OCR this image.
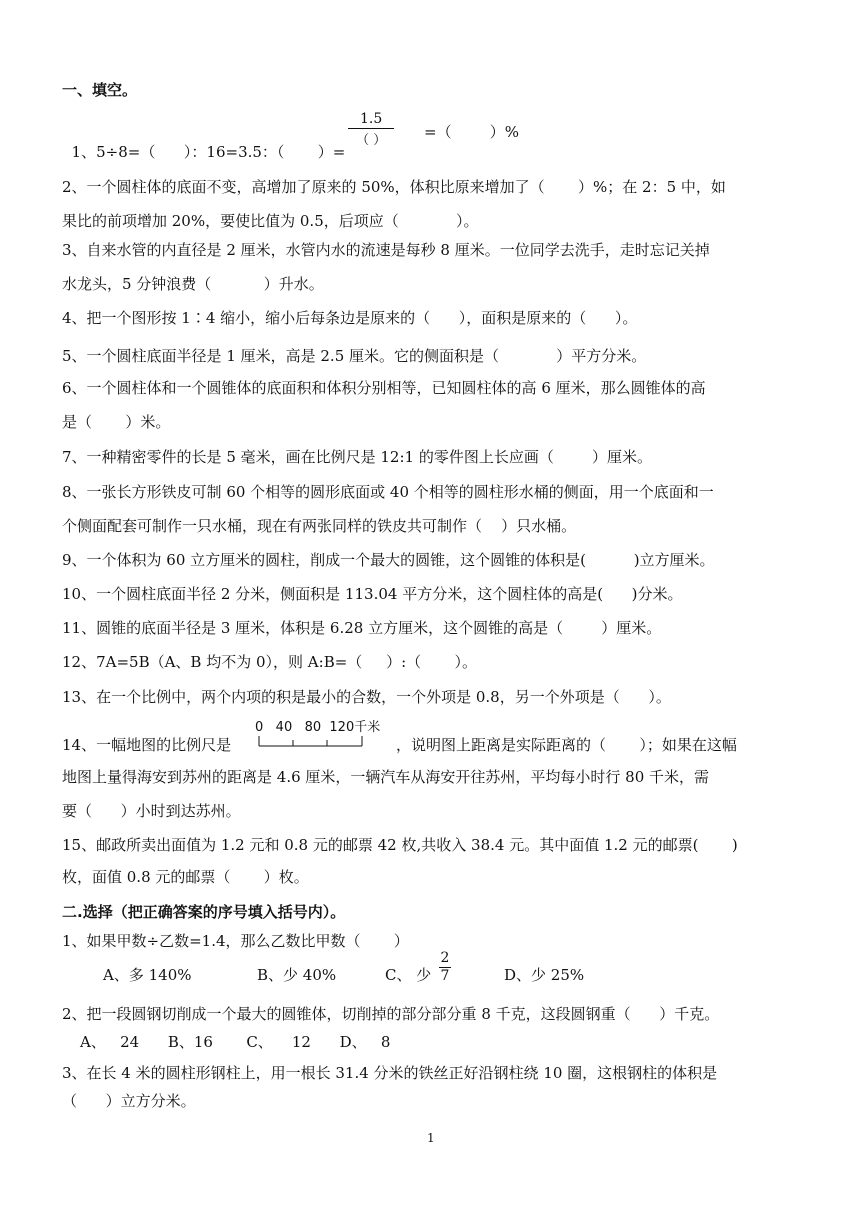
一、填空。

1、5÷8=（      ）：16=3.5：（       ）=

1.5
（ ）	=（        ）%
2、一个圆柱体的底面不变，高增加了原来的 50%，体积比原来增加了（       ）%；在 2：5 中，如
果比的前项增加 20%，要使比值为 0.5，后项应（            ）。
3、自来水管的内直径是 2 厘米，水管内水的流速是每秒 8 厘米。一位同学去洗手，走时忘记关掉
水龙头，5 分钟浪费（           ）升水。
4、把一个图形按 1∶4 缩小，缩小后每条边是原来的（      ），面积是原来的（      ）。
5、一个圆柱底面半径是 1 厘米，高是 2.5 厘米。它的侧面积是（            ）平方分米。
6、一个圆柱体和一个圆锥体的底面积和体积分别相等，已知圆柱体的高 6 厘米，那么圆锥体的高
是（       ）米。
7、一种精密零件的长是 5 毫米，画在比例尺是 12:1 的零件图上长应画（        ）厘米。
8、一张长方形铁皮可制 60 个相等的圆形底面或 40 个相等的圆柱形水桶的侧面，用一个底面和一
个侧面配套可制作一只水桶，现在有两张同样的铁皮共可制作（    ）只水桶。
9、一个体积为 60 立方厘米的圆柱，削成一个最大的圆锥，这个圆锥的体积是(          )立方厘米。
10、一个圆柱底面半径 2 分米，侧面积是 113.04 平方分米，这个圆柱体的高是(      )分米。
11、圆锥的底面半径是 3 厘米，体积是 6.28 立方厘米，这个圆锥的高是（        ）厘米。
12、7A=5B（A、B 均不为 0），则 A:B=（     ）:（       ）。
13、在一个比例中，两个内项的积是最小的合数，一个外项是 0.8，另一个外项是（      ）。
14、一幅地图的比例尺是
0   40   80  120千米
，说明图上距离是实际距离的（       ）；如果在这幅
地图上量得海安到苏州的距离是 4.6 厘米，一辆汽车从海安开往苏州，平均每小时行 80 千米，需
要（      ）小时到达苏州。
15、邮政所卖出面值为 1.2 元和 0.8 元的邮票 42 枚,共收入 38.4 元。其中面值 1.2 元的邮票(       )
枚，面值 0.8 元的邮票（       ）枚。
二.选择（把正确答案的序号填入括号内）。
1、如果甲数÷乙数=1.4，那么乙数比甲数（       ）
A、多 140%	B、少 40%	C、 少 $\frac{2}{7}$	D、少 25%
2、把一段圆钢切削成一个最大的圆锥体，切削掉的部分部分重 8 千克，这段圆钢重（      ）千克。
A、   24      B、16       C、    12      D、   8
3、在长 4 米的圆柱形钢柱上，用一根长 31.4 分米的铁丝正好沿钢柱绕 10 圈，这根钢柱的体积是
（      ）立方分米。
1
